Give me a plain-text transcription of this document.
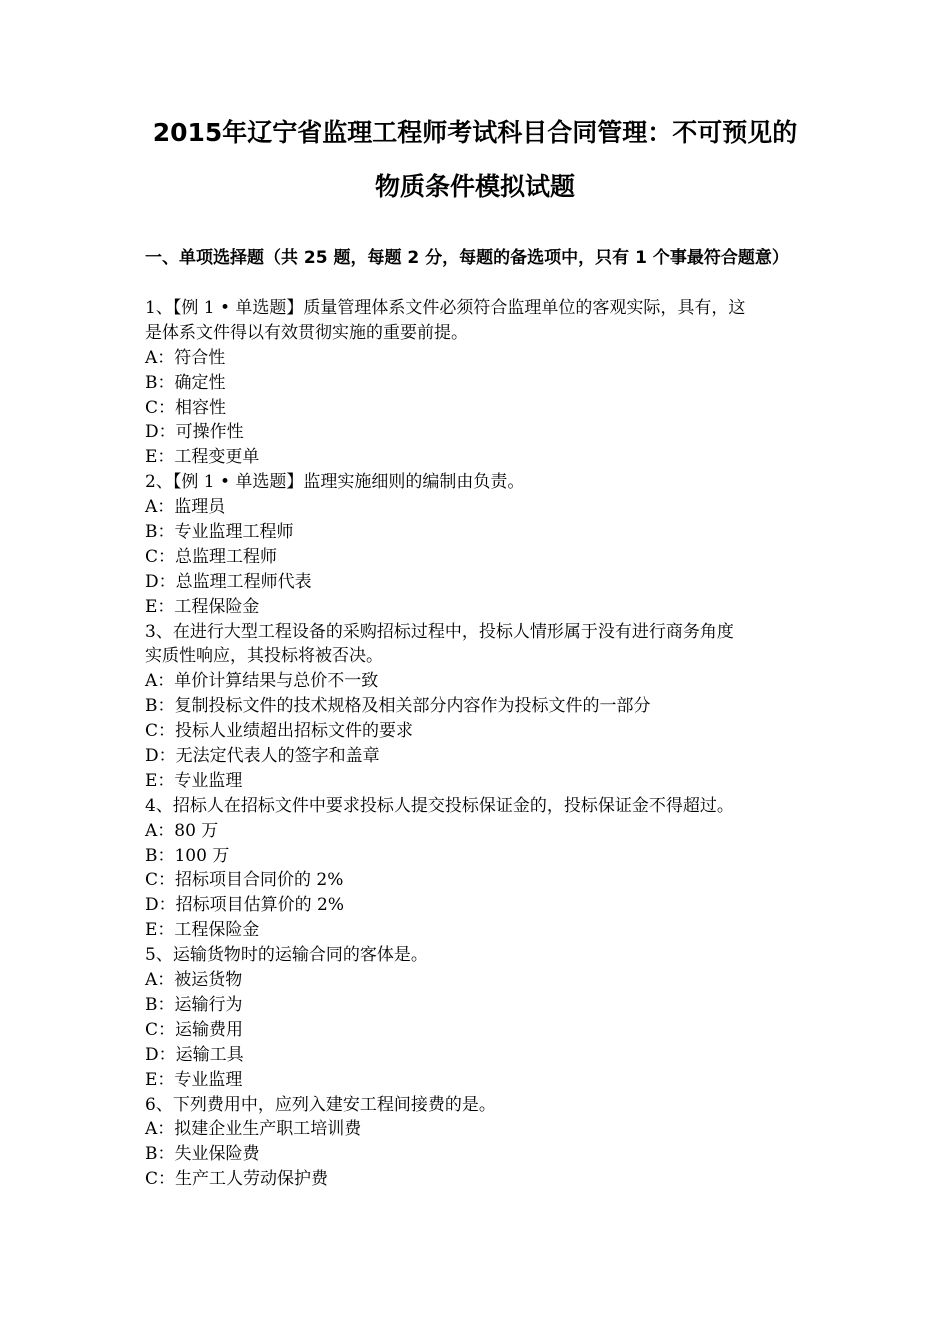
2015年辽宁省监理工程师考试科目合同管理：不可预见的
物质条件模拟试题
一、单项选择题（共 25 题，每题 2 分，每题的备选项中，只有 1 个事最符合题意）
1、【例 1 • 单选题】质量管理体系文件必须符合监理单位的客观实际，具有，这
是体系文件得以有效贯彻实施的重要前提。
A：符合性
B：确定性
C：相容性
D：可操作性
E：工程变更单
2、【例 1 • 单选题】监理实施细则的编制由负责。
A：监理员
B：专业监理工程师
C：总监理工程师
D：总监理工程师代表
E：工程保险金
3、在进行大型工程设备的采购招标过程中，投标人情形属于没有进行商务角度
实质性响应，其投标将被否决。
A：单价计算结果与总价不一致
B：复制投标文件的技术规格及相关部分内容作为投标文件的一部分
C：投标人业绩超出招标文件的要求
D：无法定代表人的签字和盖章
E：专业监理
4、招标人在招标文件中要求投标人提交投标保证金的，投标保证金不得超过。
A：80 万
B：100 万
C：招标项目合同价的 2%
D：招标项目估算价的 2%
E：工程保险金
5、运输货物时的运输合同的客体是。
A：被运货物
B：运输行为
C：运输费用
D：运输工具
E：专业监理
6、下列费用中，应列入建安工程间接费的是。
A：拟建企业生产职工培训费
B：失业保险费
C：生产工人劳动保护费
